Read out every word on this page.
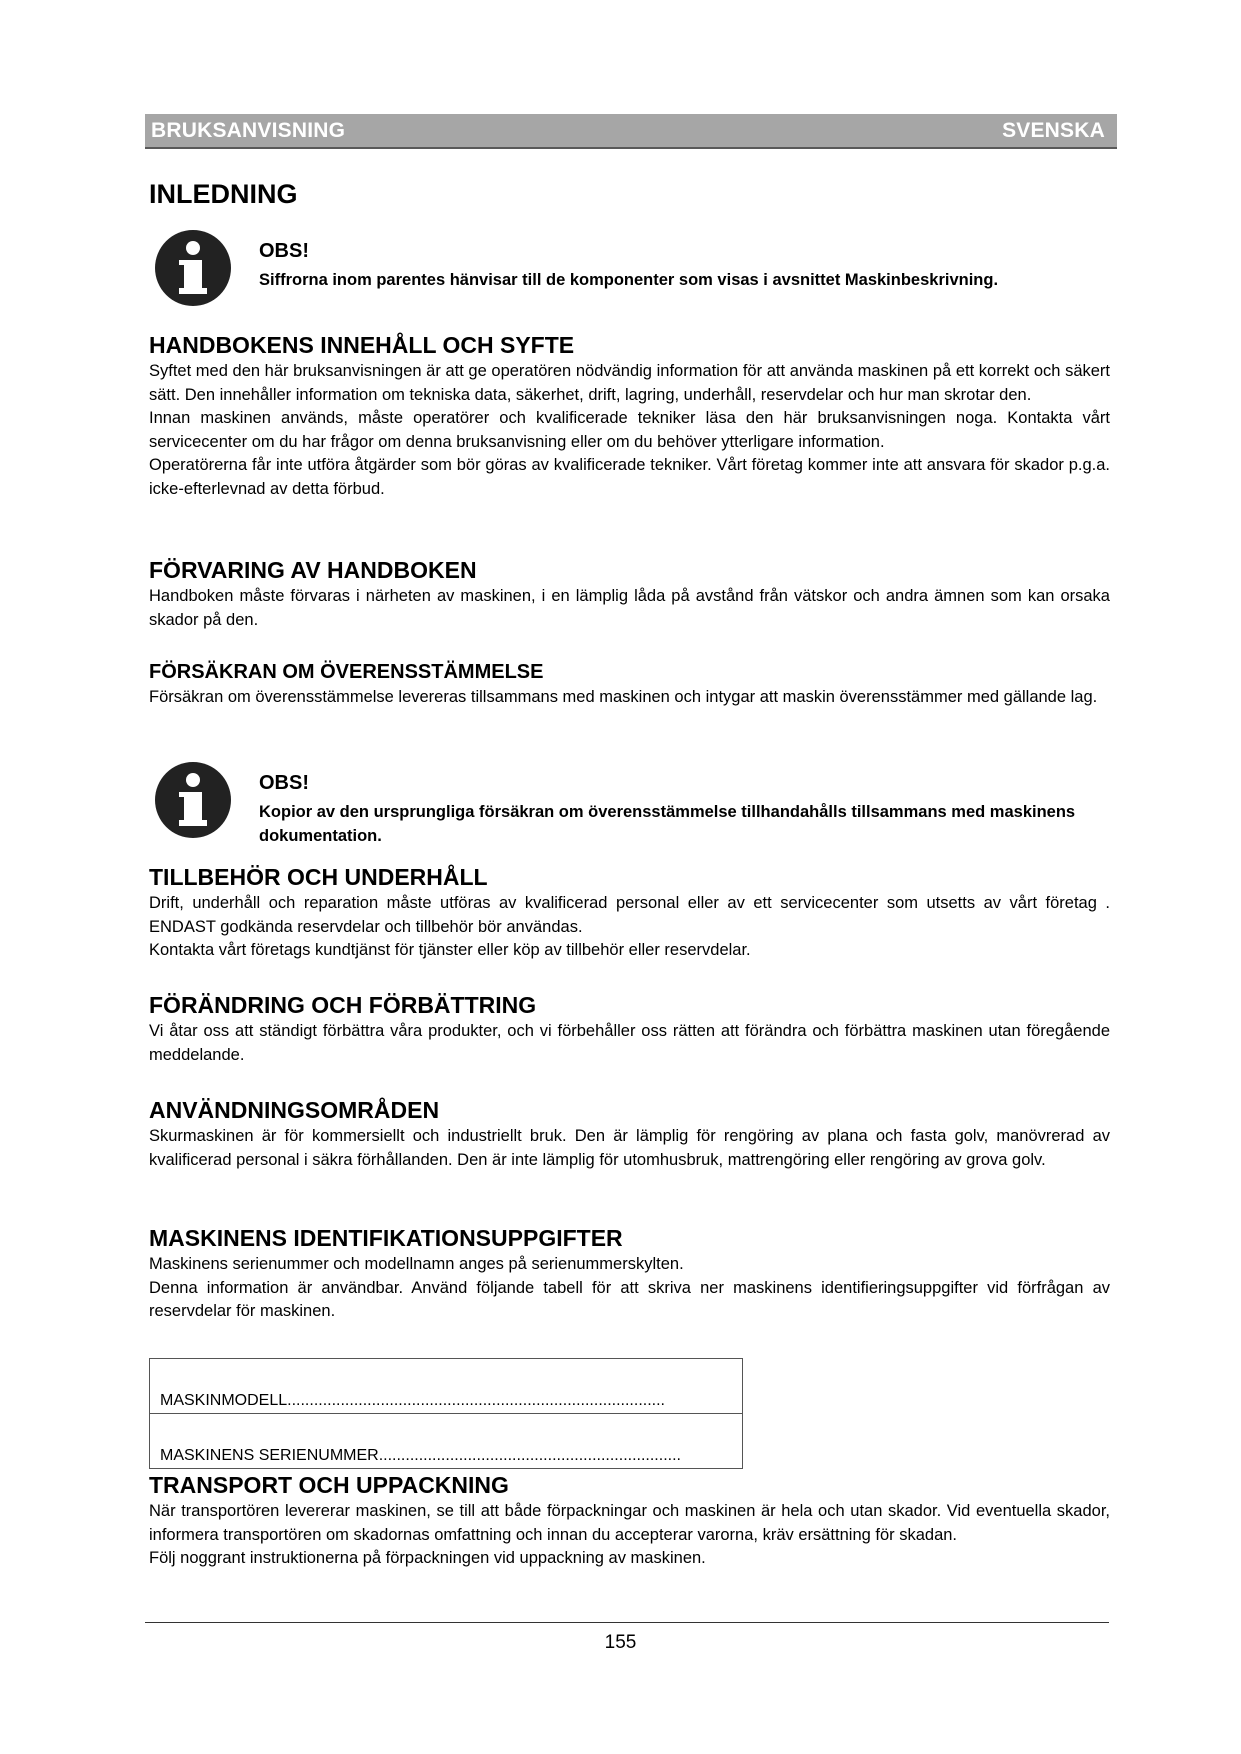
BRUKSANVISNING	SVENSKA
INLEDNING
OBS!
Siffrorna inom parentes hänvisar till de komponenter som visas i avsnittet Maskinbeskrivning.
HANDBOKENS INNEHÅLL OCH SYFTE

Syftet med den här bruksanvisningen är att ge operatören nödvändig information för att använda maskinen på ett korrekt och säkert sätt. Den innehåller information om tekniska data, säkerhet, drift, lagring, underhåll, reservdelar och hur man skrotar den.

Innan maskinen används, måste operatörer och kvalificerade tekniker läsa den här bruksanvisningen noga. Kontakta vårt servicecenter om du har frågor om denna bruksanvisning eller om du behöver ytterligare information.

Operatörerna får inte utföra åtgärder som bör göras av kvalificerade tekniker. Vårt företag kommer inte att ansvara för skador p.g.a. icke-efterlevnad av detta förbud.

FÖRVARING AV HANDBOKEN

Handboken måste förvaras i närheten av maskinen, i en lämplig låda på avstånd från vätskor och andra ämnen som kan orsaka skador på den.

FÖRSÄKRAN OM ÖVERENSSTÄMMELSE

Försäkran om överensstämmelse levereras tillsammans med maskinen och intygar att maskin överensstämmer med gällande lag.

OBS!
Kopior av den ursprungliga försäkran om överensstämmelse tillhandahålls tillsammans med maskinens dokumentation.
TILLBEHÖR OCH UNDERHÅLL

Drift, underhåll och reparation måste utföras av kvalificerad personal eller av ett servicecenter som utsetts av vårt företag . ENDAST godkända reservdelar och tillbehör bör användas.

Kontakta vårt företags kundtjänst för tjänster eller köp av tillbehör eller reservdelar.

FÖRÄNDRING OCH FÖRBÄTTRING

Vi åtar oss att ständigt förbättra våra produkter, och vi förbehåller oss rätten att förändra och förbättra maskinen utan föregående meddelande.

ANVÄNDNINGSOMRÅDEN

Skurmaskinen är för kommersiellt och industriellt bruk. Den är lämplig för rengöring av plana och fasta golv, manövrerad av kvalificerad personal i säkra förhållanden. Den är inte lämplig för utomhusbruk, mattrengöring eller rengöring av grova golv.

MASKINENS IDENTIFIKATIONSUPPGIFTER

Maskinens serienummer och modellnamn anges på serienummerskylten.

Denna information är användbar. Använd följande tabell för att skriva ner maskinens identifieringsuppgifter vid förfrågan av reservdelar för maskinen.

MASKINMODELL.....................................................................................
MASKINENS SERIENUMMER....................................................................
TRANSPORT OCH UPPACKNING

När transportören levererar maskinen, se till att både förpackningar och maskinen är hela och utan skador. Vid eventuella skador, informera transportören om skadornas omfattning och innan du accepterar varorna, kräv ersättning för skadan.

Följ noggrant instruktionerna på förpackningen vid uppackning av maskinen.

155
